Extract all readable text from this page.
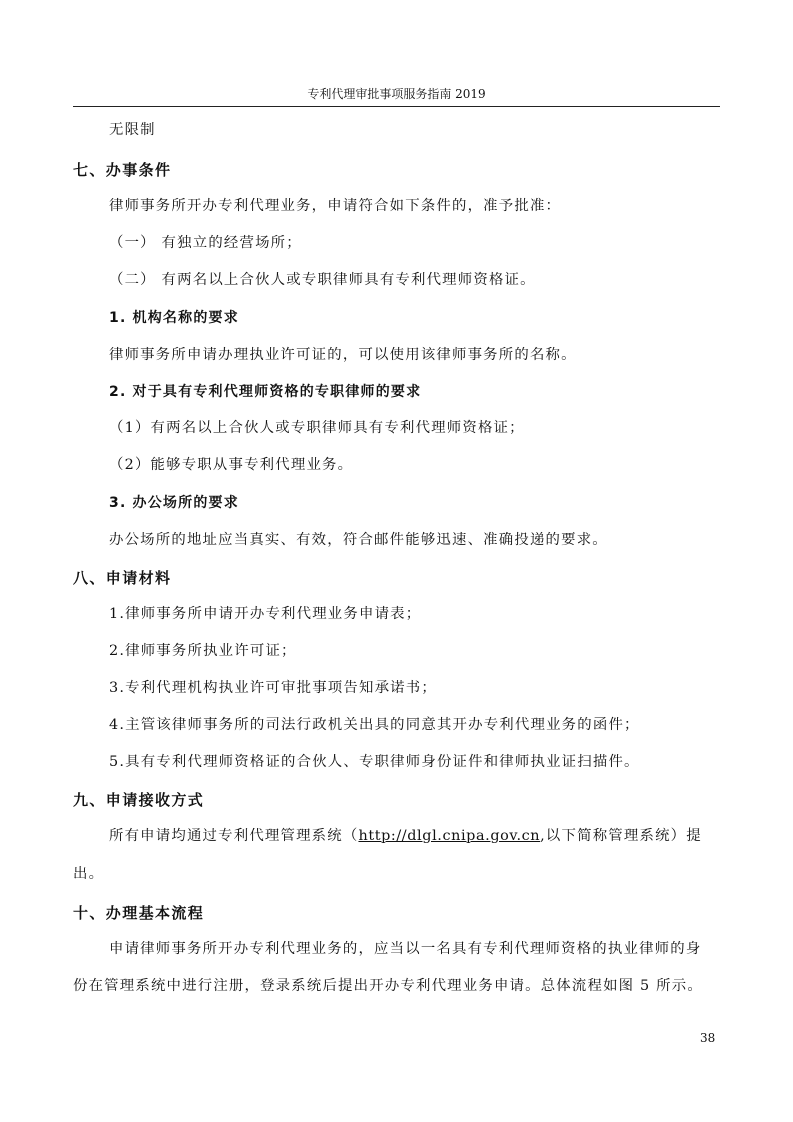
专利代理审批事项服务指南 2019
无限制
七、办事条件
律师事务所开办专利代理业务，申请符合如下条件的，准予批准：
（一） 有独立的经营场所；
（二） 有两名以上合伙人或专职律师具有专利代理师资格证。
1. 机构名称的要求
律师事务所申请办理执业许可证的，可以使用该律师事务所的名称。
2. 对于具有专利代理师资格的专职律师的要求
（1）有两名以上合伙人或专职律师具有专利代理师资格证；
（2）能够专职从事专利代理业务。
3. 办公场所的要求
办公场所的地址应当真实、有效，符合邮件能够迅速、准确投递的要求。
八、申请材料
1.律师事务所申请开办专利代理业务申请表；
2.律师事务所执业许可证；
3.专利代理机构执业许可审批事项告知承诺书；
4.主管该律师事务所的司法行政机关出具的同意其开办专利代理业务的函件；
5.具有专利代理师资格证的合伙人、专职律师身份证件和律师执业证扫描件。
九、申请接收方式
所有申请均通过专利代理管理系统（http://dlgl.cnipa.gov.cn,以下简称管理系统）提
出。
十、办理基本流程
申请律师事务所开办专利代理业务的，应当以一名具有专利代理师资格的执业律师的身
份在管理系统中进行注册，登录系统后提出开办专利代理业务申请。总体流程如图 5 所示。
38
